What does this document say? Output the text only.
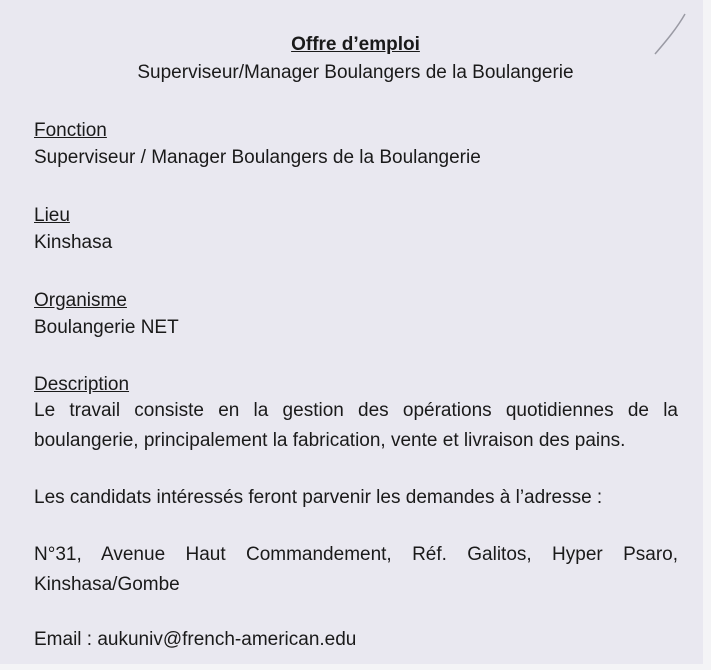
Offre d’emploi
Superviseur/Manager Boulangers de la Boulangerie
Fonction
Superviseur / Manager Boulangers de la Boulangerie
Lieu
Kinshasa
Organisme
Boulangerie NET
Description
Le travail consiste en la gestion des opérations quotidiennes de la boulangerie, principalement la fabrication, vente et livraison des pains.
Les candidats intéressés feront parvenir les demandes à l’adresse :
N°31, Avenue Haut Commandement, Réf. Galitos, Hyper Psaro, Kinshasa/Gombe
Email : aukuniv@french-american.edu
